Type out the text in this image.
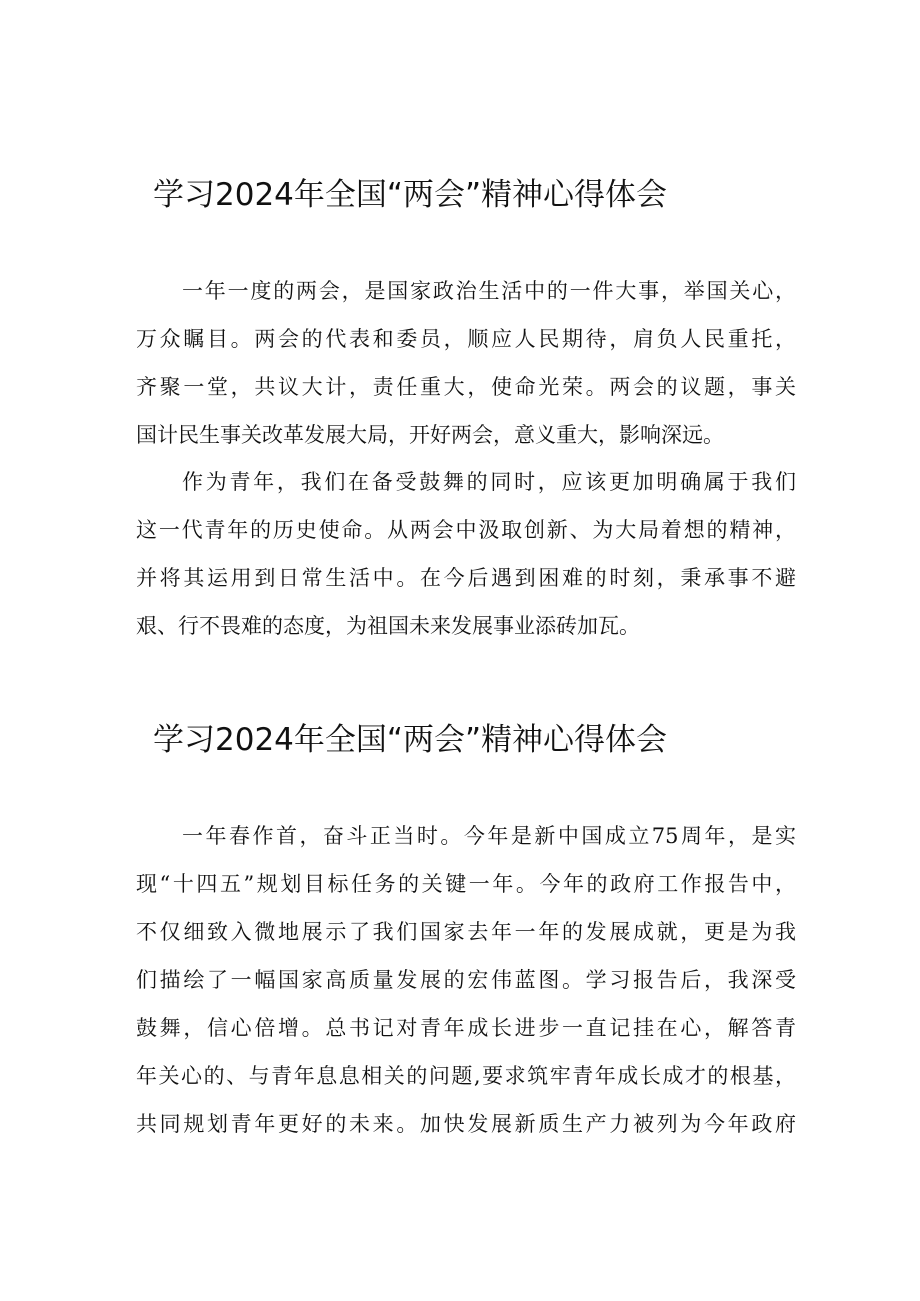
学习2024年全国“两会”精神心得体会
一年一度的两会，是国家政治生活中的一件大事，举国关心，
万众瞩目。两会的代表和委员，顺应人民期待，肩负人民重托，
齐聚一堂，共议大计，责任重大，使命光荣。两会的议题，事关
国计民生事关改革发展大局，开好两会，意义重大，影响深远。
作为青年，我们在备受鼓舞的同时，应该更加明确属于我们
这一代青年的历史使命。从两会中汲取创新、为大局着想的精神，
并将其运用到日常生活中。在今后遇到困难的时刻，秉承事不避
艰、行不畏难的态度，为祖国未来发展事业添砖加瓦。
学习2024年全国“两会”精神心得体会
一年春作首，奋斗正当时。今年是新中国成立75周年，是实
现“十四五”规划目标任务的关键一年。今年的政府工作报告中，
不仅细致入微地展示了我们国家去年一年的发展成就，更是为我
们描绘了一幅国家高质量发展的宏伟蓝图。学习报告后，我深受
鼓舞，信心倍增。总书记对青年成长进步一直记挂在心，解答青
年关心的、与青年息息相关的问题,要求筑牢青年成长成才的根基，
共同规划青年更好的未来。加快发展新质生产力被列为今年政府
